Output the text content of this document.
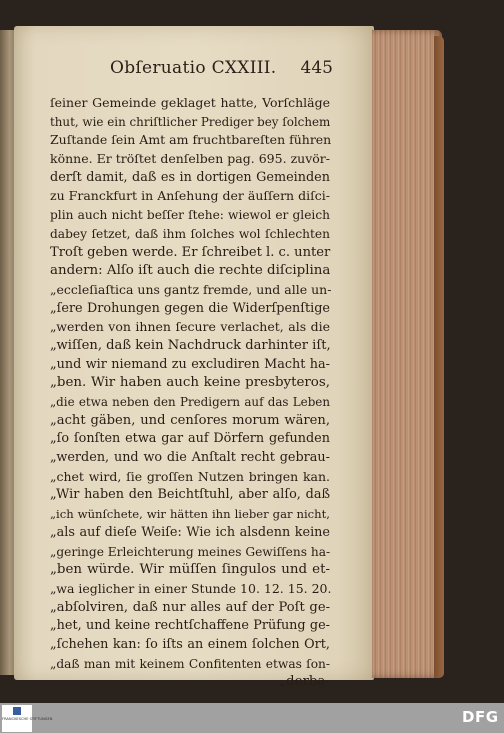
Obſeruatio CXXIII. 445
ſeiner Gemeinde geklaget hatte, Vorſchläge
thut, wie ein chriſtlicher Prediger bey ſolchem
Zuſtande ſein Amt am fruchtbareſten führen
könne. Er tröſtet denſelben pag. 695. zuvör-
derſt damit, daß es in dortigen Gemeinden
zu Franckfurt in Anſehung der äuſſern diſci-
plin auch nicht beſſer ſtehe: wiewol er gleich
dabey ſetzet, daß ihm ſolches wol ſchlechten
Troſt geben werde. Er ſchreibet l. c. unter
andern: Alſo iſt auch die rechte diſciplina
„eccleſiaſtica uns gantz fremde, und alle un-
„ſere Drohungen gegen die Widerſpenſtige
„werden von ihnen ſecure verlachet, als die
„wiſſen, daß kein Nachdruck darhinter iſt,
„und wir niemand zu excludiren Macht ha-
„ben. Wir haben auch keine presbyteros,
„die etwa neben den Predigern auf das Leben
„acht gäben, und cenſores morum wären,
„ſo ſonſten etwa gar auf Dörfern gefunden
„werden, und wo die Anſtalt recht gebrau-
„chet wird, ſie groſſen Nutzen bringen kan.
„Wir haben den Beichtſtuhl, aber alſo, daß
„ich wünſchete, wir hätten ihn lieber gar nicht,
„als auf dieſe Weiſe: Wie ich alsdenn keine
„geringe Erleichterung meines Gewiſſens ha-
„ben würde. Wir müſſen ſingulos und et-
„wa ieglicher in einer Stunde 10. 12. 15. 20.
„abſolviren, daß nur alles auf der Poſt ge-
„het, und keine rechtſchaffene Prüfung ge-
„ſchehen kan: ſo iſts an einem ſolchen Ort,
„daß man mit keinem Confitenten etwas ſon-
„derba-
FRANCKESCHE STIFTUNGEN	DFG
